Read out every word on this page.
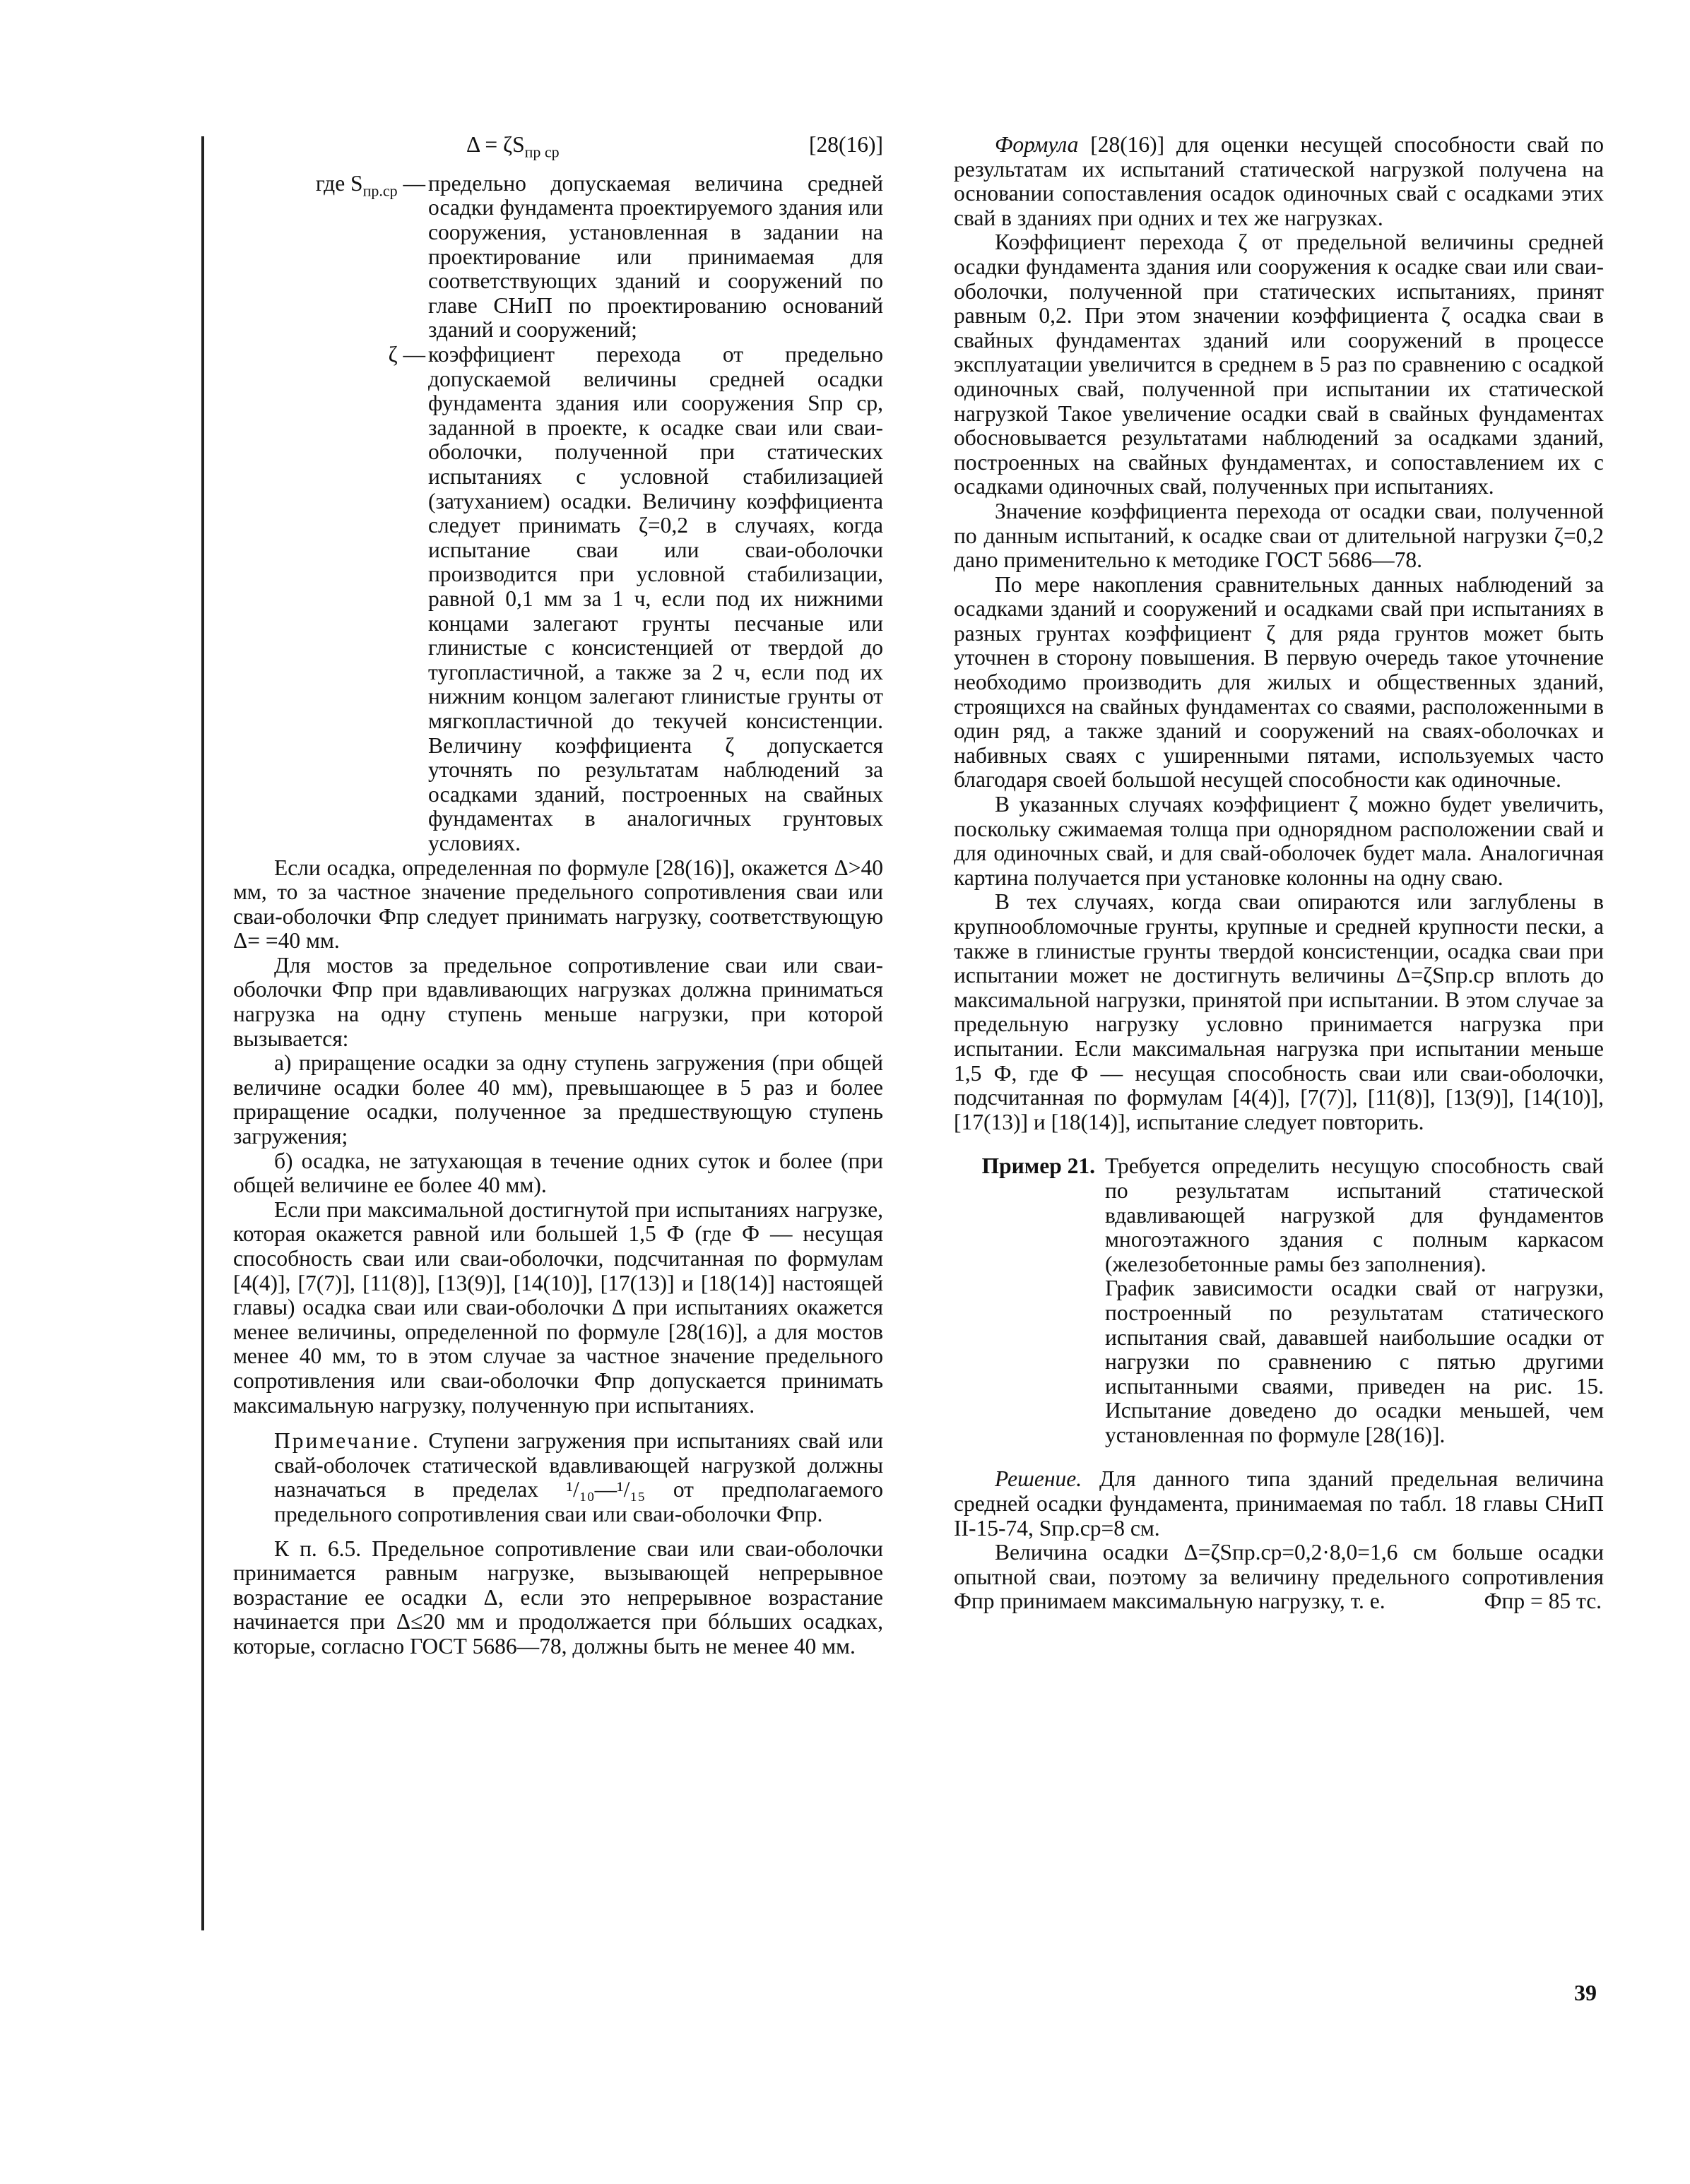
$\Delta = \zeta S_{пр ср}$	[28(16)]
где $S_{пр.ср}$ — предельно допускаемая величина средней осадки фундамента проектируемого здания или сооружения, установленная в задании на проектирование или принимаемая для соответствующих зданий и сооружений по главе СНиП по проектированию оснований зданий и сооружений;
ζ — коэффициент перехода от предельно допускаемой величины средней осадки фундамента здания или сооружения Sпр ср, заданной в проекте, к осадке сваи или сваи-оболочки, полученной при статических испытаниях с условной стабилизацией (затуханием) осадки. Величину коэффициента следует принимать ζ=0,2 в случаях, когда испытание сваи или сваи-оболочки производится при условной стабилизации, равной 0,1 мм за 1 ч, если под их нижними концами залегают грунты песчаные или глинистые с консистенцией от твердой до тугопластичной, а также за 2 ч, если под их нижним концом залегают глинистые грунты от мягкопластичной до текучей консистенции. Величину коэффициента ζ допускается уточнять по результатам наблюдений за осадками зданий, построенных на свайных фундаментах в аналогичных грунтовых условиях.

Если осадка, определенная по формуле [28(16)], окажется Δ>40 мм, то за частное значение предельного сопротивления сваи или сваи-оболочки Фпр следует принимать нагрузку, соответствующую Δ= =40 мм.

Для мостов за предельное сопротивление сваи или сваи-оболочки Фпр при вдавливающих нагрузках должна приниматься нагрузка на одну ступень меньше нагрузки, при которой вызывается:

а) приращение осадки за одну ступень загружения (при общей величине осадки более 40 мм), превышающее в 5 раз и более приращение осадки, полученное за предшествующую ступень загружения;

б) осадка, не затухающая в течение одних суток и более (при общей величине ее более 40 мм).

Если при максимальной достигнутой при испытаниях нагрузке, которая окажется равной или большей 1,5 Ф (где Ф — несущая способность сваи или сваи-оболочки, подсчитанная по формулам [4(4)], [7(7)], [11(8)], [13(9)], [14(10)], [17(13)] и [18(14)] настоящей главы) осадка сваи или сваи-оболочки Δ при испытаниях окажется менее величины, определенной по формуле [28(16)], а для мостов менее 40 мм, то в этом случае за частное значение предельного сопротивления или сваи-оболочки Фпр допускается принимать максимальную нагрузку, полученную при испытаниях.

Примечание. Ступени загружения при испытаниях свай или свай-оболочек статической вдавливающей нагрузкой должны назначаться в пределах ¹/₁₀—¹/₁₅ от предполагаемого предельного сопротивления сваи или сваи-оболочки Фпр.

К п. 6.5. Предельное сопротивление сваи или сваи-оболочки принимается равным нагрузке, вызывающей непрерывное возрастание ее осадки Δ, если это непрерывное возрастание начинается при Δ≤20 мм и продолжается при бóльших осадках, которые, согласно ГОСТ 5686—78, должны быть не менее 40 мм.

Формула [28(16)] для оценки несущей способности свай по результатам их испытаний статической нагрузкой получена на основании сопоставления осадок одиночных свай с осадками этих свай в зданиях при одних и тех же нагрузках.

Коэффициент перехода ζ от предельной величины средней осадки фундамента здания или сооружения к осадке сваи или сваи-оболочки, полученной при статических испытаниях, принят равным 0,2. При этом значении коэффициента ζ осадка сваи в свайных фундаментах зданий или сооружений в процессе эксплуатации увеличится в среднем в 5 раз по сравнению с осадкой одиночных свай, полученной при испытании их статической нагрузкой Такое увеличение осадки свай в свайных фундаментах обосновывается результатами наблюдений за осадками зданий, построенных на свайных фундаментах, и сопоставлением их с осадками одиночных свай, полученных при испытаниях.

Значение коэффициента перехода от осадки сваи, полученной по данным испытаний, к осадке сваи от длительной нагрузки ζ=0,2 дано применительно к методике ГОСТ 5686—78.

По мере накопления сравнительных данных наблюдений за осадками зданий и сооружений и осадками свай при испытаниях в разных грунтах коэффициент ζ для ряда грунтов может быть уточнен в сторону повышения. В первую очередь такое уточнение необходимо производить для жилых и общественных зданий, строящихся на свайных фундаментах со сваями, расположенными в один ряд, а также зданий и сооружений на сваях-оболочках и набивных сваях с уширенными пятами, используемых часто благодаря своей большой несущей способности как одиночные.

В указанных случаях коэффициент ζ можно будет увеличить, поскольку сжимаемая толща при однорядном расположении свай и для одиночных свай, и для свай-оболочек будет мала. Аналогичная картина получается при установке колонны на одну сваю.

В тех случаях, когда сваи опираются или заглублены в крупнообломочные грунты, крупные и средней крупности пески, а также в глинистые грунты твердой консистенции, осадка сваи при испытании может не достигнуть величины Δ=ζSпр.ср вплоть до максимальной нагрузки, принятой при испытании. В этом случае за предельную нагрузку условно принимается нагрузка при испытании. Если максимальная нагрузка при испытании меньше 1,5 Ф, где Ф — несущая способность сваи или сваи-оболочки, подсчитанная по формулам [4(4)], [7(7)], [11(8)], [13(9)], [14(10)], [17(13)] и [18(14)], испытание следует повторить.

Пример 21. Требуется определить несущую способность свай по результатам испытаний статической вдавливающей нагрузкой для фундаментов многоэтажного здания с полным каркасом (железобетонные рамы без заполнения).

График зависимости осадки свай от нагрузки, построенный по результатам статического испытания свай, дававшей наибольшие осадки от нагрузки по сравнению с пятью другими испытанными сваями, приведен на рис. 15. Испытание доведено до осадки меньшей, чем установленная по формуле [28(16)].

Решение. Для данного типа зданий предельная величина средней осадки фундамента, принимаемая по табл. 18 главы СНиП II-15-74, Sпр.ср=8 см.

Величина осадки Δ=ζSпр.ср=0,2·8,0=1,6 см больше осадки опытной сваи, поэтому за величину предельного сопротивления Фпр принимаем максимальную нагрузку, т. е.	Фпр = 85 тс.

39
